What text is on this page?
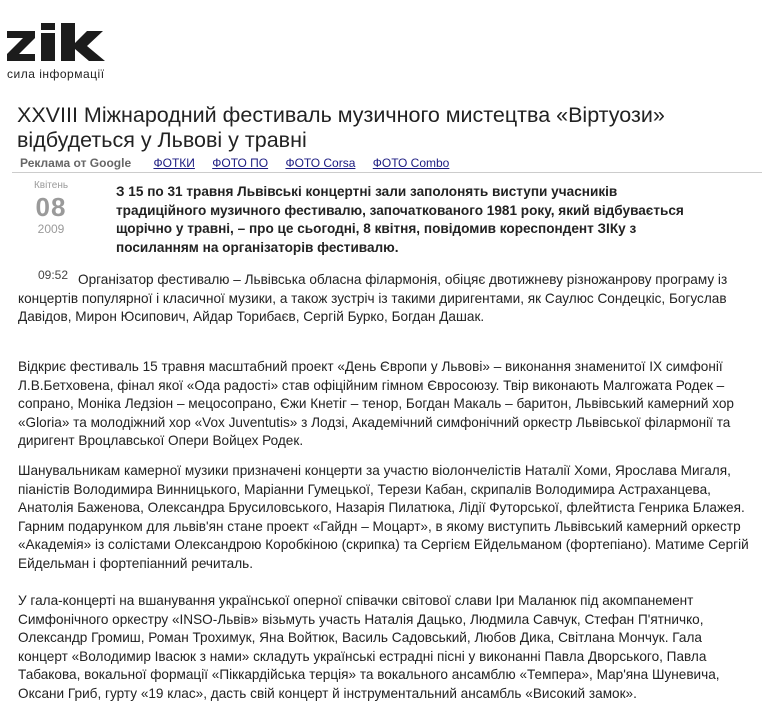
сила інформації
XXVIII Міжнародний фестиваль музичного мистецтва «Віртуози» відбудеться у Львові у травні
Реклама от Google ФОТКИ ФОТО ПО ФОТО Corsa ФОТО Combo
Квітень
08
2009
09:52
З 15 по 31 травня Львівські концертні зали заполонять виступи учасників традиційного музичного фестивалю, започаткованого 1981 року, який відбувається щорічно у травні, – про це сьогодні, 8 квітня, повідомив кореспондент ЗІКу з посиланням на організаторів фестивалю.

Організатор фестивалю – Львівська обласна філармонія, обіцяє двотижневу різножанрову програму із концертів популярної і класичної музики, а також зустріч із такими диригентами, як Саулюс Сондецкіс, Богуслав Давідов, Мирон Юсипович, Айдар Торибаєв, Сергій Бурко, Богдан Дашак.

Відкриє фестиваль 15 травня масштабний проект «День Європи у Львові» – виконання знаменитої IX симфонії Л.В.Бетховена, фінал якої «Ода радості» став офіційним гімном Євросоюзу. Твір виконають Малгожата Родек – сопрано, Моніка Ледзіон – мецосопрано, Єжи Кнетіг – тенор, Богдан Макаль – баритон, Львівський камерний хор «Gloria» та молодіжний хор «Vox Juventutis» з Лодзі, Академічний симфонічний оркестр Львівської філармонії та диригент Вроцлавської Опери Войцех Родек.

Шанувальникам камерної музики призначені концерти за участю віолончелістів Наталії Хоми, Ярослава Мигаля, піаністів Володимира Винницького, Маріанни Гумецької, Терези Кабан, скрипалів Володимира Астраханцева, Анатолія Баженова, Олександра Брусиловського, Назарія Пилатюка, Лідії Футорської, флейтиста Генрика Блажея. Гарним подарунком для львів'ян стане проект «Гайдн – Моцарт», в якому виступить Львівський камерний оркестр «Академія» із солістами Олександрою Коробкіною (скрипка) та Сергієм Ейдельманом (фортепіано). Матиме Сергій Ейдельман і фортепіанний речиталь.

У гала-концерті на вшанування української оперної співачки світової слави Іри Маланюк під акомпанемент Симфонічного оркестру «INSO-Львів» візьмуть участь Наталія Дацько, Людмила Савчук, Стефан П'ятничко, Олександр Громиш, Роман Трохимук, Яна Войтюк, Василь Садовський, Любов Дика, Світлана Мончук. Гала концерт «Володимир Івасюк з нами» складуть українські естрадні пісні у виконанні Павла Дворського, Павла Табакова, вокальної формації «Піккардійська терція» та вокального ансамблю «Темпера», Мар'яна Шуневича, Оксани Гриб, гурту «19 клас», дасть свій концерт й інструментальний ансамбль «Високий замок».
